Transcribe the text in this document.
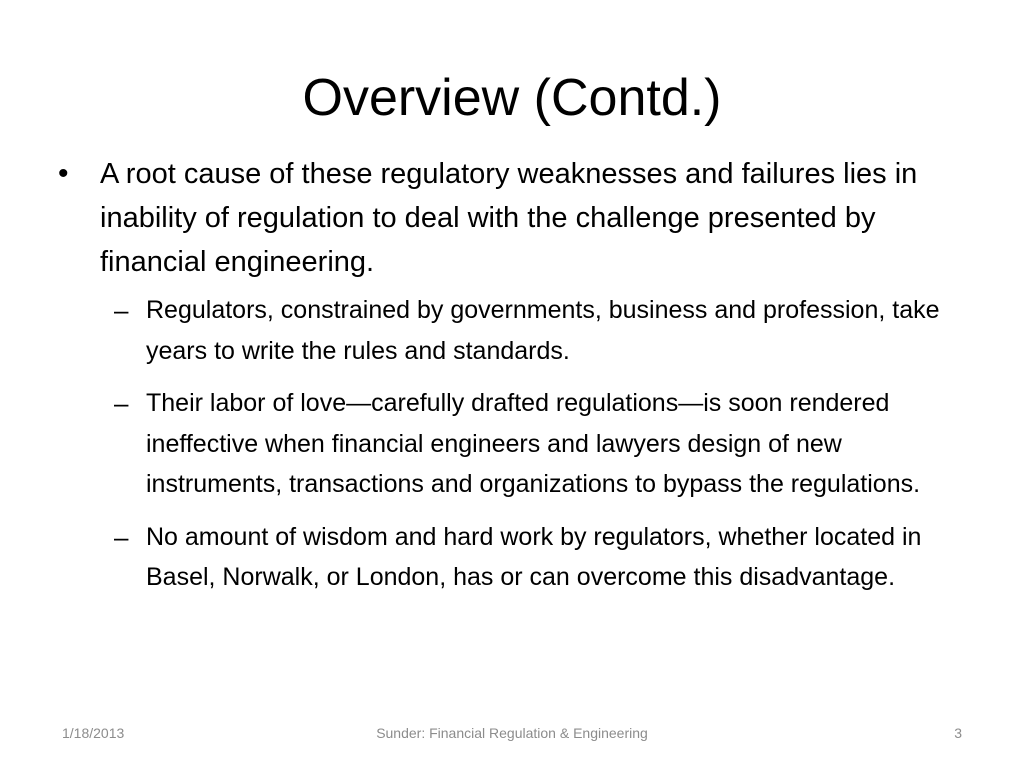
Overview (Contd.)
•	A root cause of these regulatory weaknesses and failures lies in inability of regulation to deal with the challenge presented by financial engineering.
– Regulators, constrained by governments, business and profession, take years to write the rules and standards.
– Their labor of love—carefully drafted regulations—is soon rendered ineffective when financial engineers and lawyers design of new instruments, transactions and organizations to bypass the regulations.
– No amount of wisdom and hard work by regulators, whether located in Basel, Norwalk, or London, has or can overcome this disadvantage.
1/18/2013	Sunder: Financial Regulation & Engineering	3
